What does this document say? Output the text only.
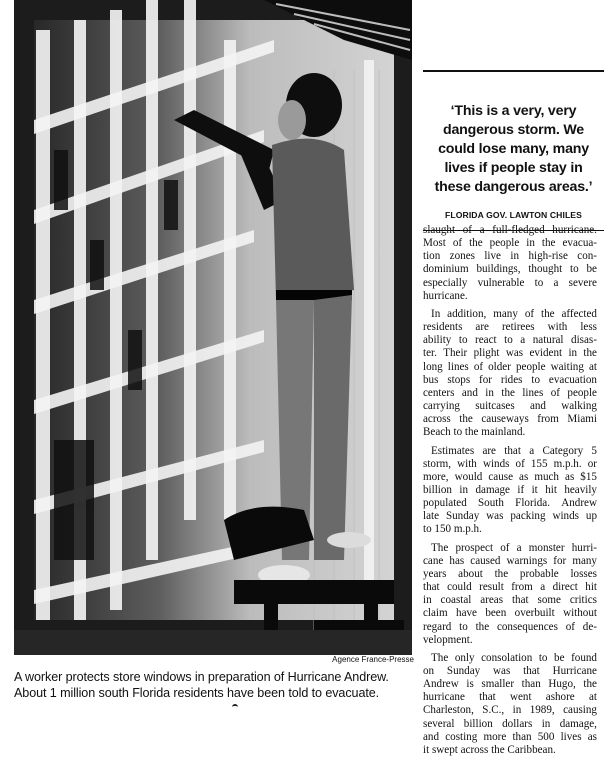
Agence France-Presse
A worker protects store windows in preparation of Hurricane Andrew.
About 1 million south Florida residents have been told to evacuate.
‘This is a very, very
dangerous storm. We
could lose many, many
lives if people stay in
these dangerous areas.’
FLORIDA GOV. LAWTON CHILES
slaught of a full-fledged hurricane.
Most of the people in the evacua-
tion zones live in high-rise con-
dominium buildings, thought to be
especially vulnerable to a severe
hurricane.
In addition, many of the affected
residents are retirees with less
ability to react to a natural disas-
ter. Their plight was evident in the
long lines of older people waiting at
bus stops for rides to evacuation
centers and in the lines of people
carrying suitcases and walking
across the causeways from Miami
Beach to the mainland.
Estimates are that a Category 5
storm, with winds of 155 m.p.h. or
more, would cause as much as $15
billion in damage if it hit heavily
populated South Florida. Andrew
late Sunday was packing winds up
to 150 m.p.h.
The prospect of a monster hurri-
cane has caused warnings for many
years about the probable losses
that could result from a direct hit
in coastal areas that some critics
claim have been overbuilt without
regard to the consequences of de-
velopment.
The only consolation to be found
on Sunday was that Hurricane
Andrew is smaller than Hugo, the
hurricane that went ashore at
Charleston, S.C., in 1989, causing
several billion dollars in damage,
and costing more than 500 lives as
it swept across the Caribbean.
